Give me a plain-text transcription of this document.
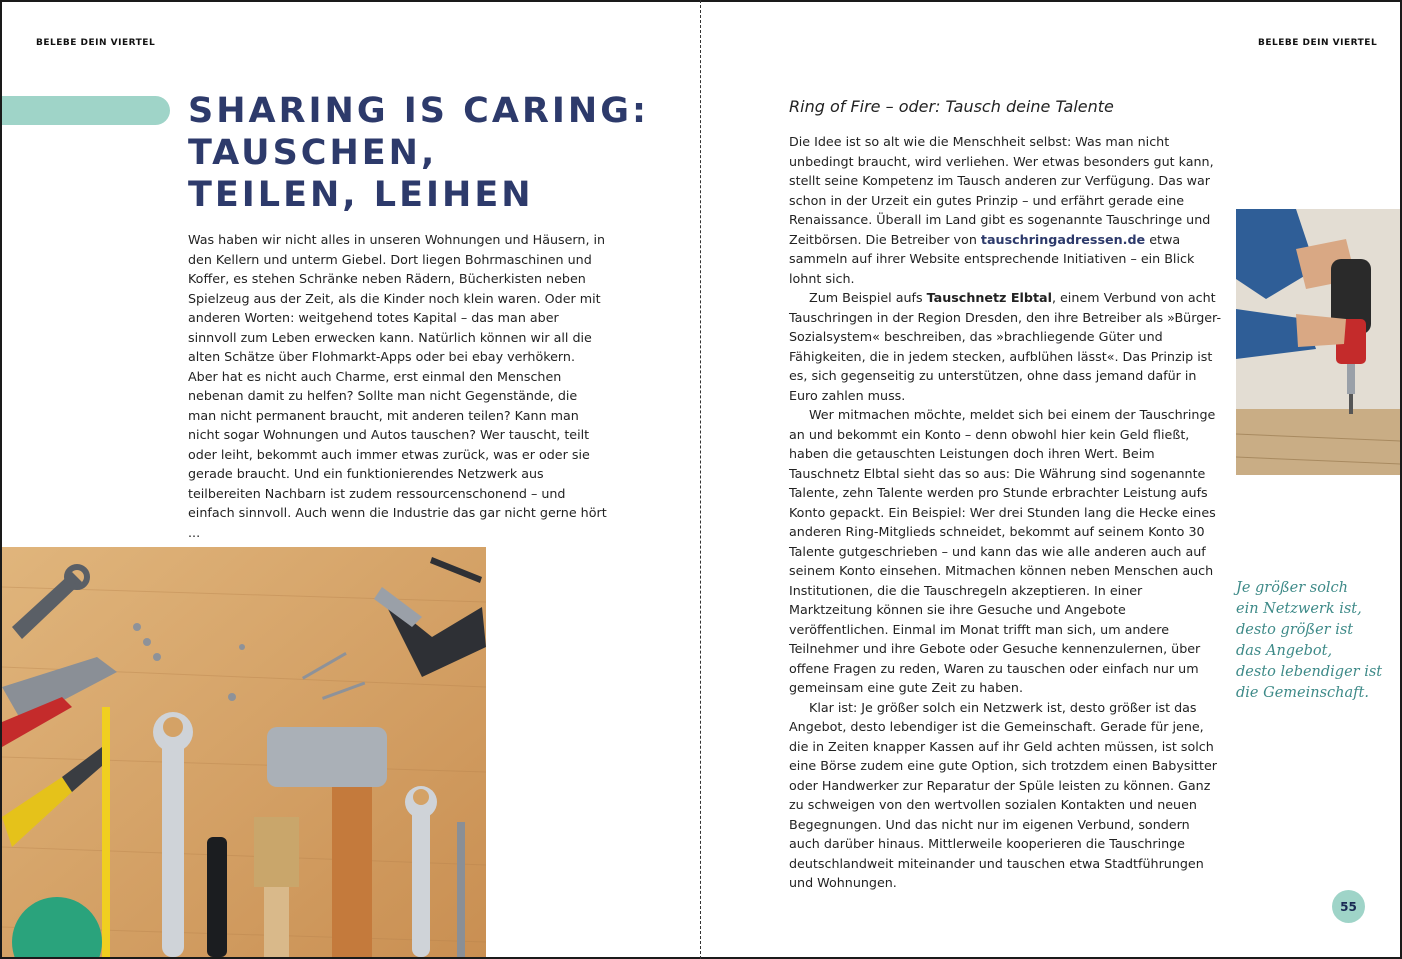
BELEBE DEIN VIERTEL
SHARING IS CARING:
TAUSCHEN,
TEILEN, LEIHEN

Was haben wir nicht alles in unseren Wohnungen und Häusern, in den Kellern und unterm Giebel. Dort liegen Bohrmaschinen und Koffer, es stehen Schränke neben Rädern, Bücherkisten neben Spielzeug aus der Zeit, als die Kinder noch klein waren. Oder mit anderen Worten: weitgehend totes Kapital – das man aber sinnvoll zum Leben erwecken kann. Natürlich können wir all die alten Schätze über Flohmarkt-Apps oder bei ebay verhökern. Aber hat es nicht auch Charme, erst einmal den Menschen nebenan damit zu helfen? Sollte man nicht Gegenstände, die man nicht permanent braucht, mit anderen teilen? Kann man nicht sogar Wohnungen und Autos tauschen? Wer tauscht, teilt oder leiht, bekommt auch immer etwas zurück, was er oder sie gerade braucht. Und ein funktionierendes Netzwerk aus teilbereiten Nachbarn ist zudem ressourcenschonend – und einfach sinnvoll. Auch wenn die Industrie das gar nicht gerne hört ...

BELEBE DEIN VIERTEL
Ring of Fire – oder: Tausch deine Talente

Die Idee ist so alt wie die Menschheit selbst: Was man nicht unbedingt braucht, wird verliehen. Wer etwas besonders gut kann, stellt seine Kompetenz im Tausch anderen zur Verfügung. Das war schon in der Urzeit ein gutes Prinzip – und erfährt gerade eine Renaissance. Überall im Land gibt es sogenannte Tauschringe und Zeitbörsen. Die Betreiber von tauschringadressen.de etwa sammeln auf ihrer Website entsprechende Initiativen – ein Blick lohnt sich.

Zum Beispiel aufs Tauschnetz Elbtal, einem Verbund von acht Tauschringen in der Region Dresden, den ihre Betreiber als »Bürger-Sozialsystem« beschreiben, das »brachliegende Güter und Fähigkeiten, die in jedem stecken, aufblühen lässt«. Das Prinzip ist es, sich gegenseitig zu unterstützen, ohne dass jemand dafür in Euro zahlen muss.

Wer mitmachen möchte, meldet sich bei einem der Tauschringe an und bekommt ein Konto – denn obwohl hier kein Geld fließt, haben die getauschten Leistungen doch ihren Wert. Beim Tauschnetz Elbtal sieht das so aus: Die Währung sind sogenannte Talente, zehn Talente werden pro Stunde erbrachter Leistung aufs Konto gepackt. Ein Beispiel: Wer drei Stunden lang die Hecke eines anderen Ring-Mitglieds schneidet, bekommt auf seinem Konto 30 Talente gutgeschrieben – und kann das wie alle anderen auch auf seinem Konto einsehen. Mitmachen können neben Menschen auch Institutionen, die die Tauschregeln akzeptieren. In einer Marktzeitung können sie ihre Gesuche und Angebote veröffentlichen. Einmal im Monat trifft man sich, um andere Teilnehmer und ihre Gebote oder Gesuche kennenzulernen, über offene Fragen zu reden, Waren zu tauschen oder einfach nur um gemeinsam eine gute Zeit zu haben.

Klar ist: Je größer solch ein Netzwerk ist, desto größer ist das Angebot, desto lebendiger ist die Gemeinschaft. Gerade für jene, die in Zeiten knapper Kassen auf ihr Geld achten müssen, ist solch eine Börse zudem eine gute Option, sich trotzdem einen Babysitter oder Handwerker zur Reparatur der Spüle leisten zu können. Ganz zu schweigen von den wertvollen sozialen Kontakten und neuen Begegnungen. Und das nicht nur im eigenen Verbund, sondern auch darüber hinaus. Mittlerweile kooperieren die Tauschringe deutschlandweit miteinander und tauschen etwa Stadtführungen und Wohnungen.

Je größer solch
ein Netzwerk ist,
desto größer ist
das Angebot,
desto lebendiger ist
die Gemeinschaft.
55
